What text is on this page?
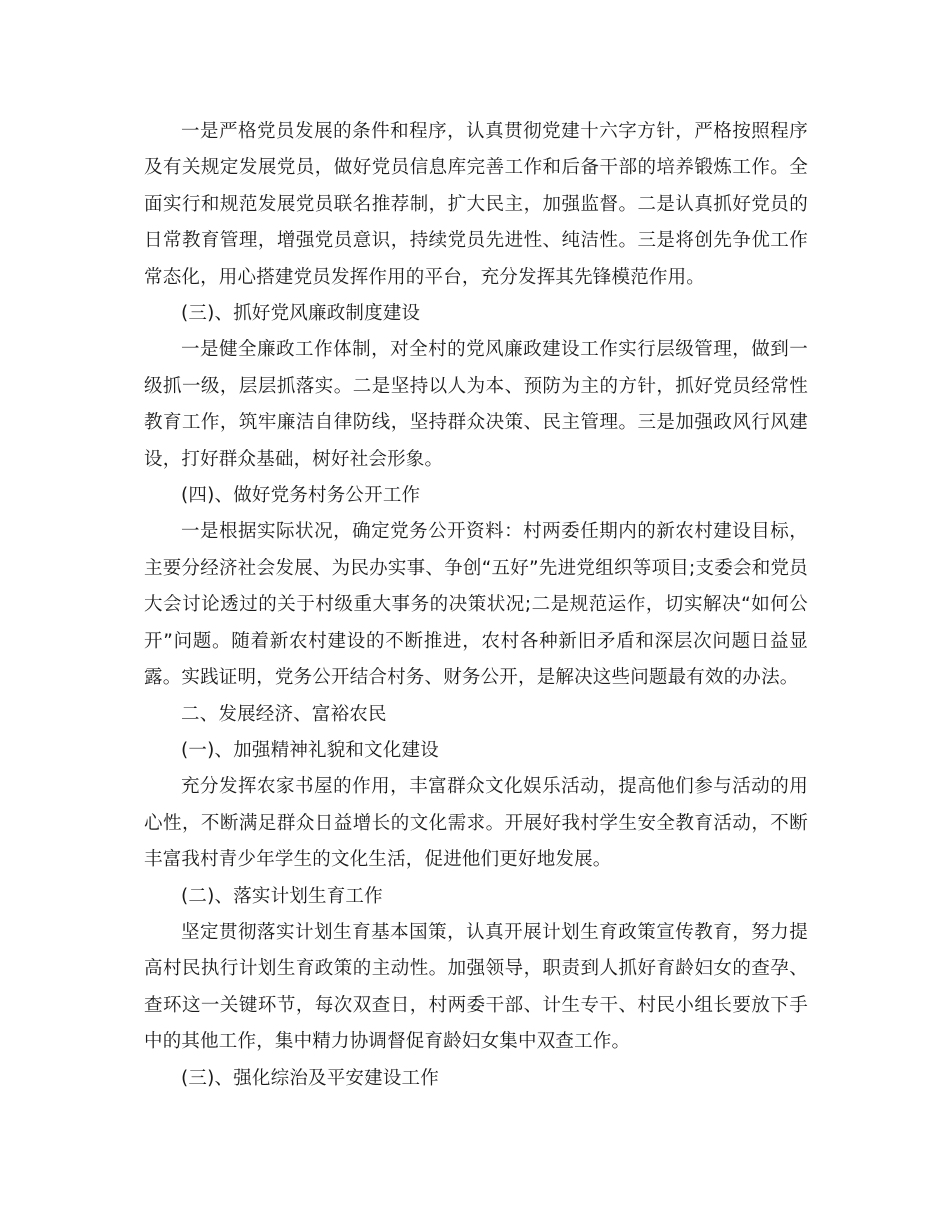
一是严格党员发展的条件和程序，认真贯彻党建十六字方针，严格按照程序及有关规定发展党员，做好党员信息库完善工作和后备干部的培养锻炼工作。全面实行和规范发展党员联名推荐制，扩大民主，加强监督。二是认真抓好党员的日常教育管理，增强党员意识，持续党员先进性、纯洁性。三是将创先争优工作常态化，用心搭建党员发挥作用的平台，充分发挥其先锋模范作用。

(三)、抓好党风廉政制度建设

一是健全廉政工作体制，对全村的党风廉政建设工作实行层级管理，做到一级抓一级，层层抓落实。二是坚持以人为本、预防为主的方针，抓好党员经常性教育工作，筑牢廉洁自律防线，坚持群众决策、民主管理。三是加强政风行风建设，打好群众基础，树好社会形象。

(四)、做好党务村务公开工作

一是根据实际状况，确定党务公开资料：村两委任期内的新农村建设目标，主要分经济社会发展、为民办实事、争创“五好”先进党组织等项目;支委会和党员大会讨论透过的关于村级重大事务的决策状况;二是规范运作，切实解决“如何公开”问题。随着新农村建设的不断推进，农村各种新旧矛盾和深层次问题日益显露。实践证明，党务公开结合村务、财务公开，是解决这些问题最有效的办法。

二、发展经济、富裕农民

(一)、加强精神礼貌和文化建设

充分发挥农家书屋的作用，丰富群众文化娱乐活动，提高他们参与活动的用心性，不断满足群众日益增长的文化需求。开展好我村学生安全教育活动，不断丰富我村青少年学生的文化生活，促进他们更好地发展。

(二)、落实计划生育工作

坚定贯彻落实计划生育基本国策，认真开展计划生育政策宣传教育，努力提高村民执行计划生育政策的主动性。加强领导，职责到人抓好育龄妇女的查孕、查环这一关键环节，每次双查日，村两委干部、计生专干、村民小组长要放下手中的其他工作，集中精力协调督促育龄妇女集中双查工作。

(三)、强化综治及平安建设工作
